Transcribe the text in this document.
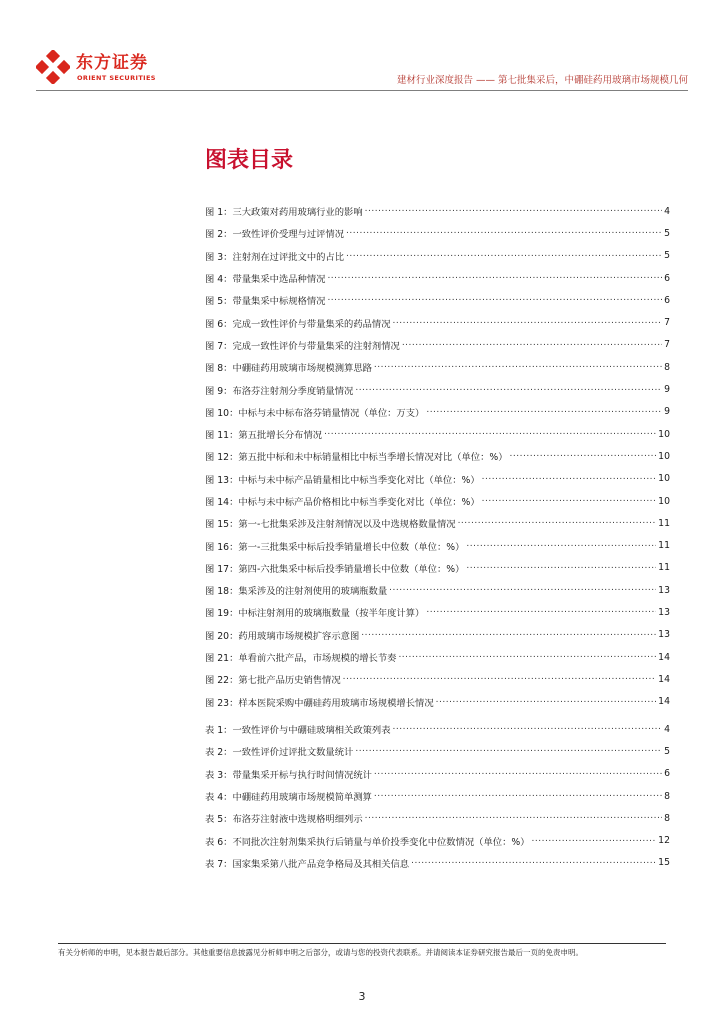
东方证券
ORIENT SECURITIES	建材行业深度报告 —— 第七批集采后，中硼硅药用玻璃市场规模几何
图表目录
图 1：三大政策对药用玻璃行业的影响 .....	4
图 2：一致性评价受理与过评情况 .....	5
图 3：注射剂在过评批文中的占比 .....	5
图 4：带量集采中选品种情况 .....	6
图 5：带量集采中标规格情况 .....	6
图 6：完成一致性评价与带量集采的药品情况 .....	7
图 7：完成一致性评价与带量集采的注射剂情况 .....	7
图 8：中硼硅药用玻璃市场规模测算思路 .....	8
图 9：布洛芬注射剂分季度销量情况 .....	9
图 10：中标与未中标布洛芬销量情况（单位：万支） .....	9
图 11：第五批增长分布情况 .....	10
图 12：第五批中标和未中标销量相比中标当季增长情况对比（单位：%） .....	10
图 13：中标与未中标产品销量相比中标当季变化对比（单位：%） .....	10
图 14：中标与未中标产品价格相比中标当季变化对比（单位：%） .....	10
图 15：第一-七批集采涉及注射剂情况以及中选规格数量情况 .....	11
图 16：第一-三批集采中标后投季销量增长中位数（单位：%） .....	11
图 17：第四-六批集采中标后投季销量增长中位数（单位：%） .....	11
图 18：集采涉及的注射剂使用的玻璃瓶数量 .....	13
图 19：中标注射剂用的玻璃瓶数量（按半年度计算） .....	13
图 20：药用玻璃市场规模扩容示意图 .....	13
图 21：单看前六批产品，市场规模的增长节奏 .....	14
图 22：第七批产品历史销售情况 .....	14
图 23：样本医院采购中硼硅药用玻璃市场规模增长情况 .....	14
表 1：一致性评价与中硼硅玻璃相关政策列表 .....	4
表 2：一致性评价过评批文数量统计 .....	5
表 3：带量集采开标与执行时间情况统计 .....	6
表 4：中硼硅药用玻璃市场规模简单测算 .....	8
表 5：布洛芬注射液中选规格明细列示 .....	8
表 6：不同批次注射剂集采执行后销量与单价投季变化中位数情况（单位：%） .....	12
表 7：国家集采第八批产品竞争格局及其相关信息 .....	15
有关分析师的申明，见本报告最后部分。其他重要信息披露见分析师申明之后部分，或请与您的投资代表联系。并请阅读本证券研究报告最后一页的免责申明。
3
